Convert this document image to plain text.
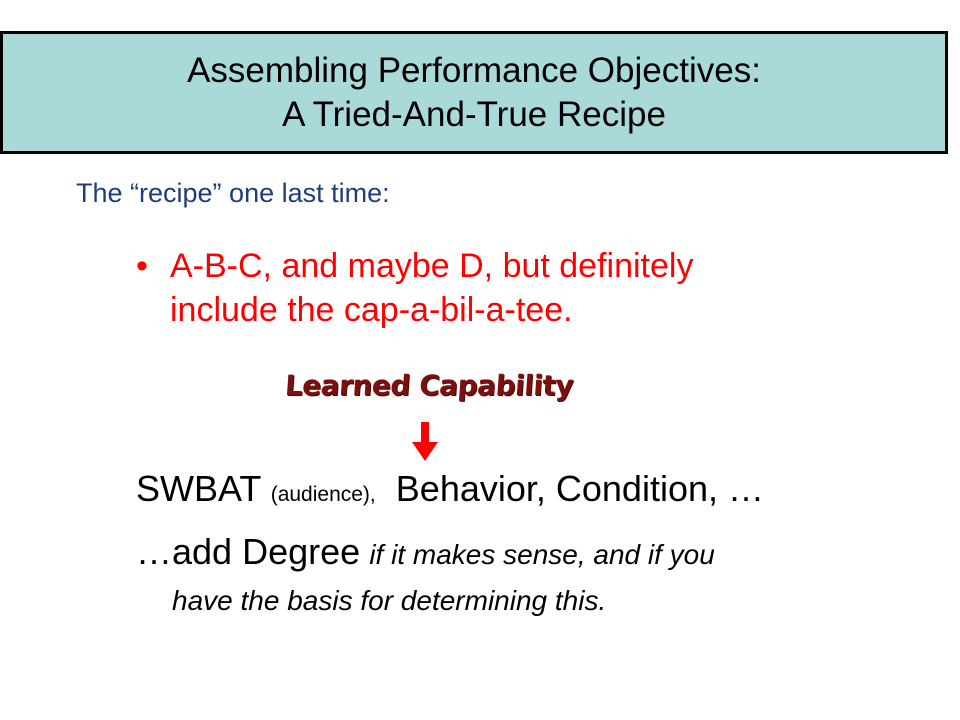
Assembling Performance Objectives:
A Tried-And-True Recipe
The “recipe” one last time:
• A-B-C, and maybe D, but definitely
include the cap-a-bil-a-tee.
Learned Capability
SWBAT (audience), Behavior, Condition, …
…add Degree if it makes sense, and if you
have the basis for determining this.
